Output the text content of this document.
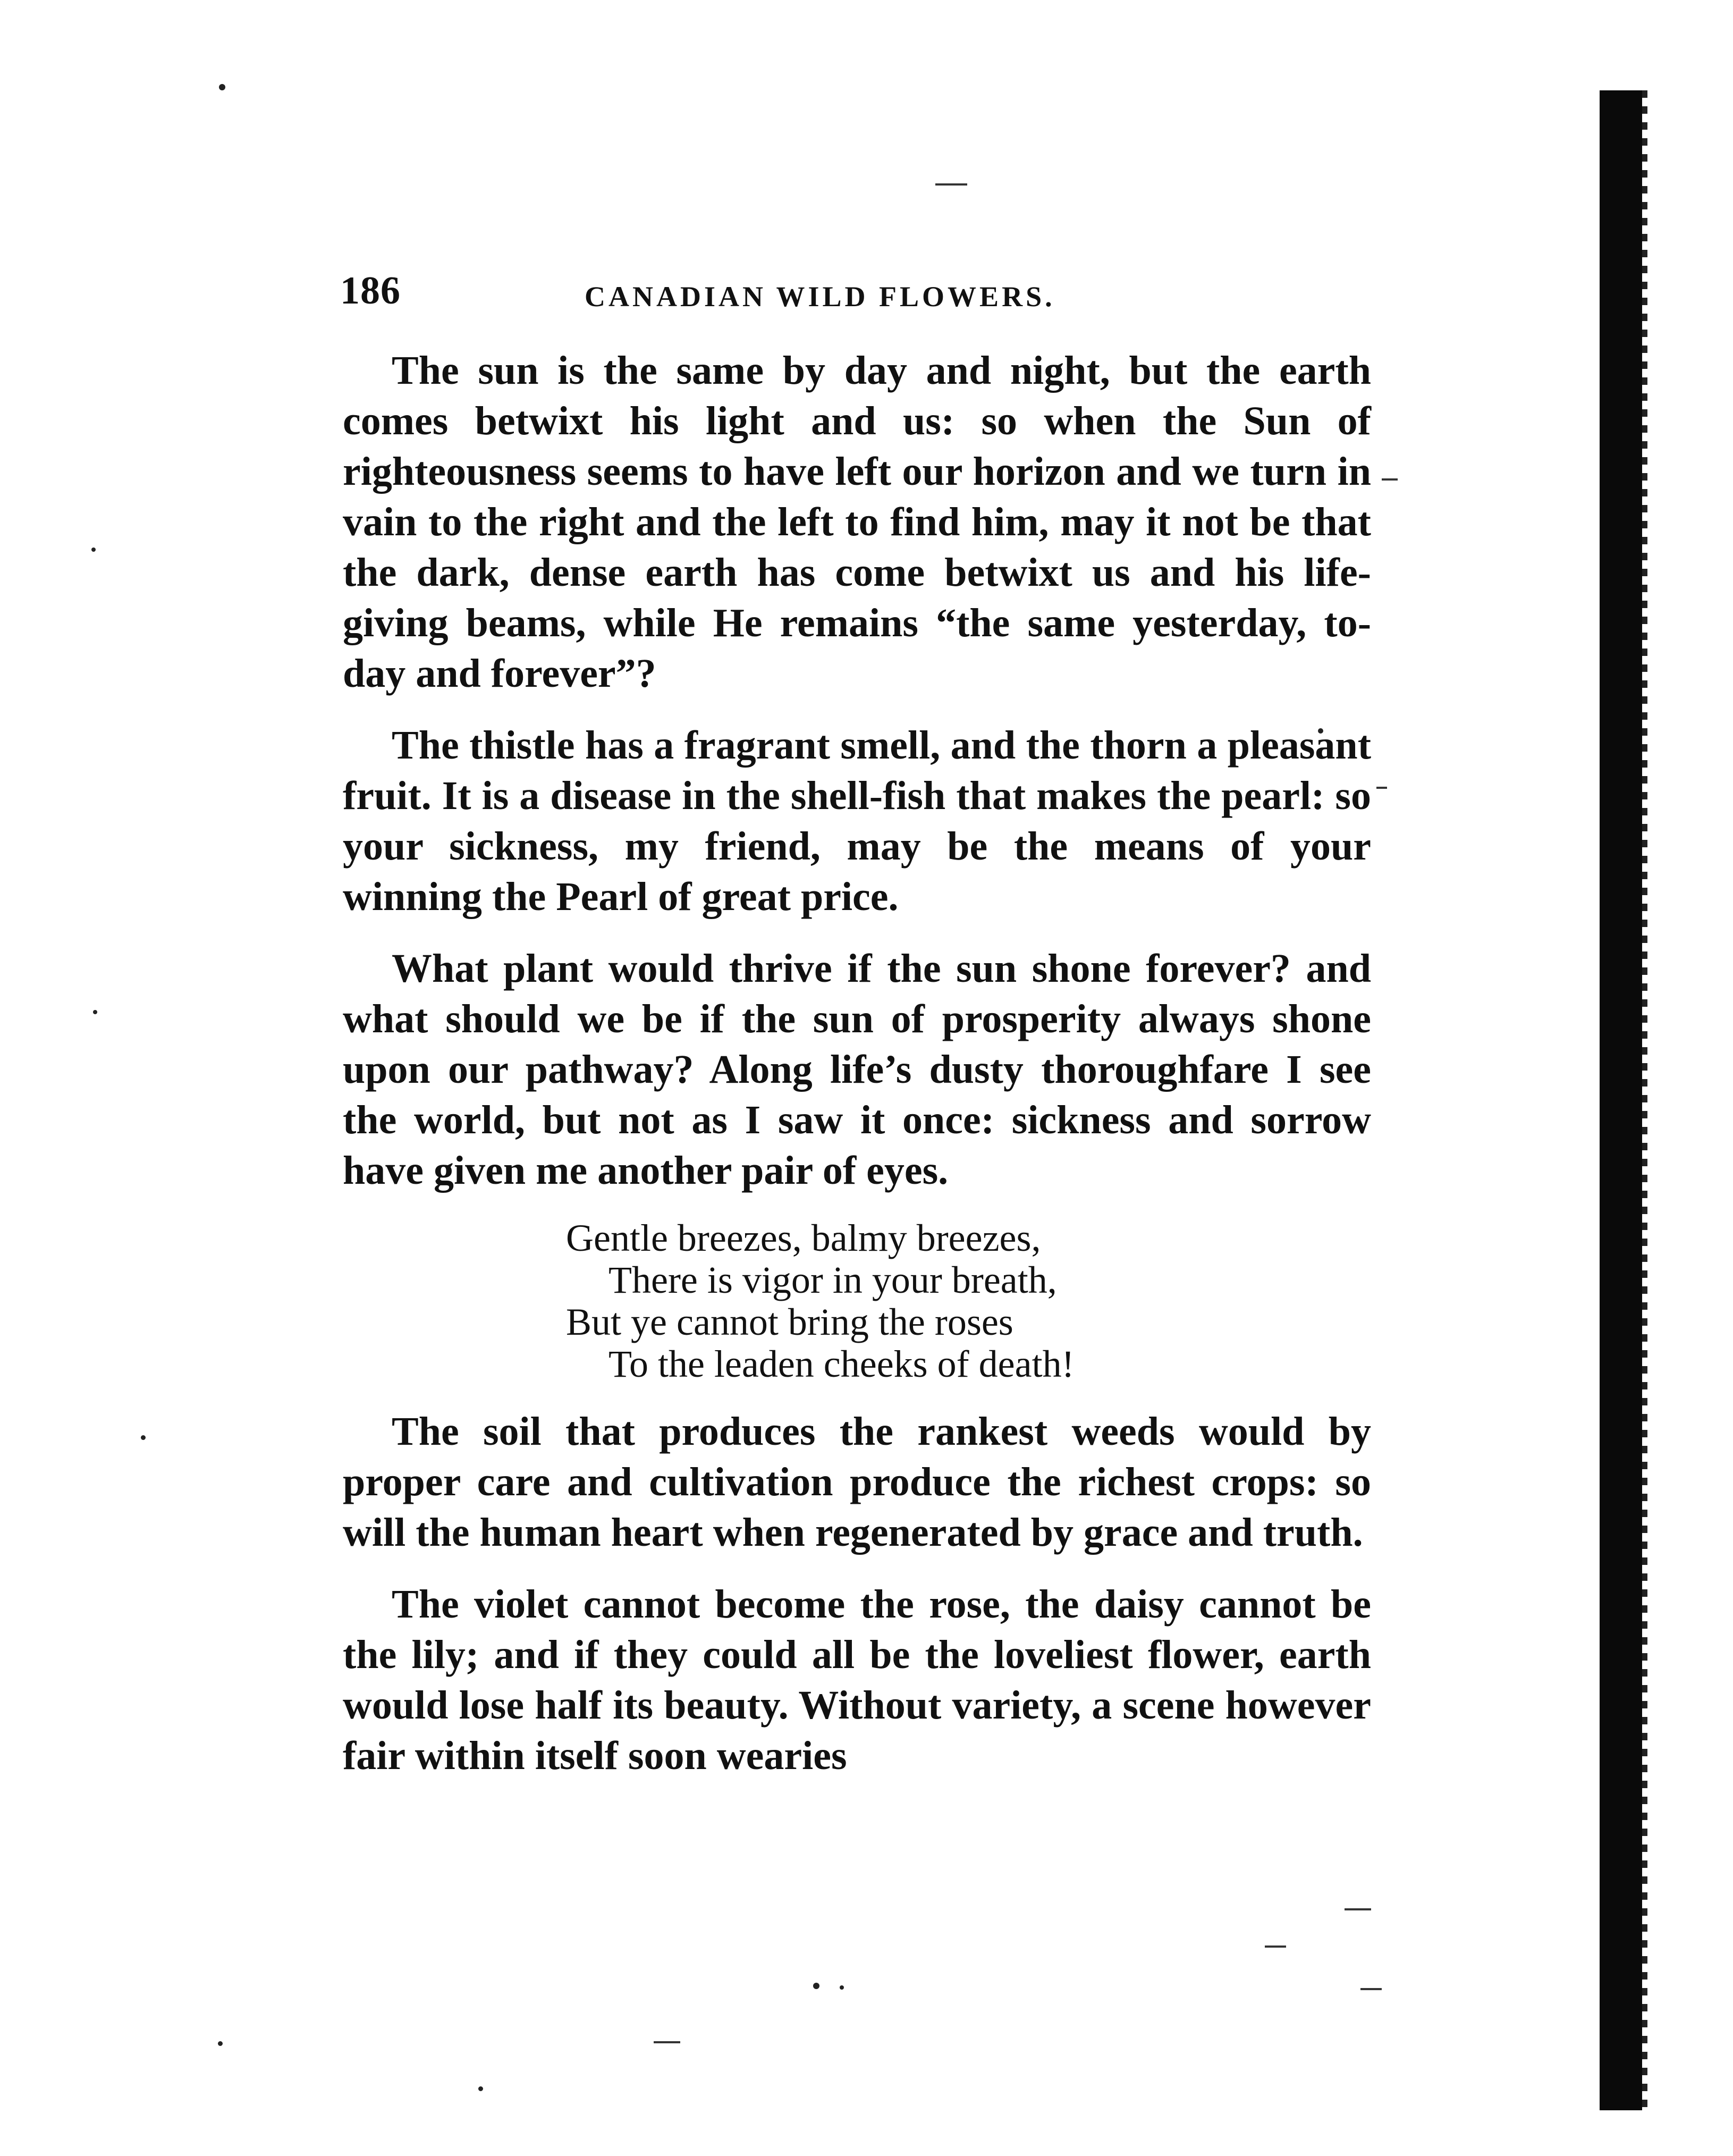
186	CANADIAN WILD FLOWERS.

The sun is the same by day and night, but the earth comes betwixt his light and us: so when the Sun of righteousness seems to have left our horizon and we turn in vain to the right and the left to find him, may it not be that the dark, dense earth has come betwixt us and his life-giving beams, while He remains “the same yesterday, to-day and forever”?

The thistle has a fragrant smell, and the thorn a pleasant fruit. It is a disease in the shell-fish that makes the pearl: so your sickness, my friend, may be the means of your winning the Pearl of great price.

What plant would thrive if the sun shone forever? and what should we be if the sun of prosperity always shone upon our pathway? Along life’s dusty thoroughfare I see the world, but not as I saw it once: sickness and sorrow have given me another pair of eyes.

Gentle breezes, balmy breezes,
There is vigor in your breath,
But ye cannot bring the roses
To the leaden cheeks of death!

The soil that produces the rankest weeds would by proper care and cultivation produce the richest crops: so will the human heart when regenerated by grace and truth.

The violet cannot become the rose, the daisy cannot be the lily; and if they could all be the loveliest flower, earth would lose half its beauty. Without variety, a scene however fair within itself soon wearies
